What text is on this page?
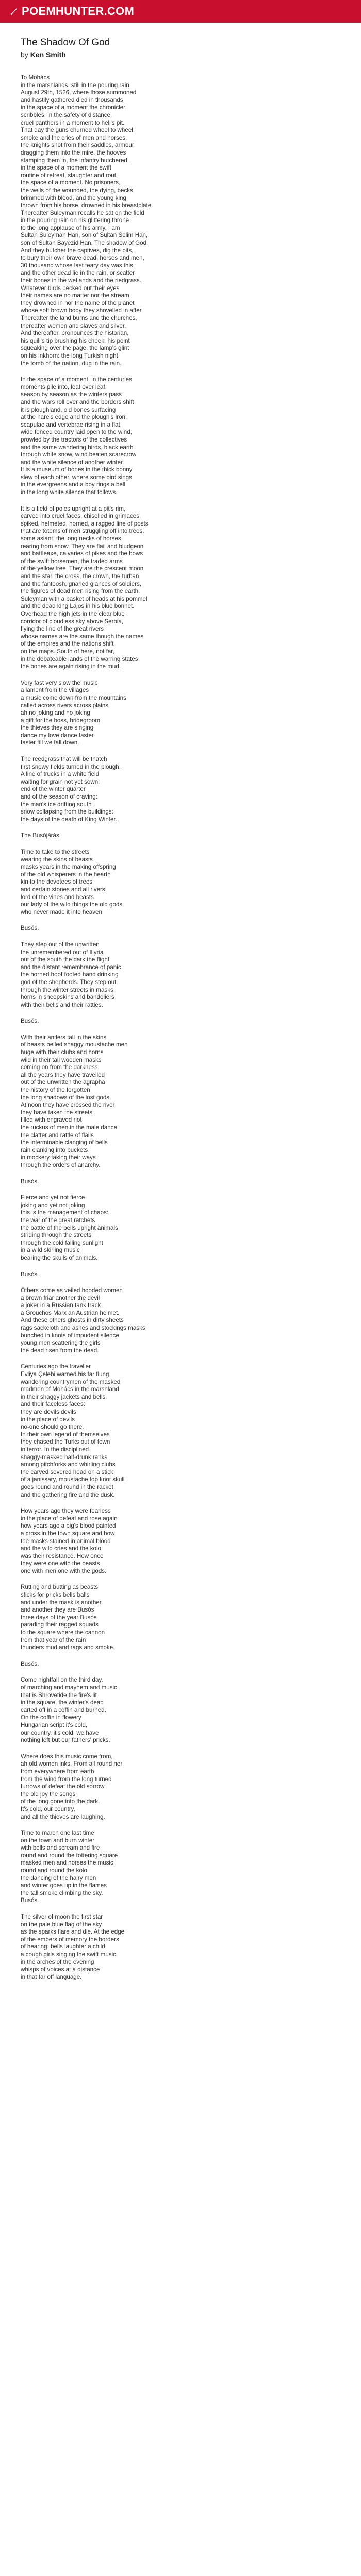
POEMHUNTER.COM
The Shadow Of God
by Ken Smith
To Mohács
in the marshlands, still in the pouring rain,
August 29th, 1526, where those summoned
and hastily gathered died in thousands
in the space of a moment the chronicler
scribbles, in the safety of distance,
cruel panthers in a moment to hell's pit.
That day the guns churned wheel to wheel,
smoke and the cries of men and horses,
the knights shot from their saddles, armour
dragging them into the mire, the hooves
stamping them in, the infantry butchered,
in the space of a moment the swift
routine of retreat, slaughter and rout,
the space of a moment. No prisoners,
the wells of the wounded, the dying, becks
brimmed with blood, and the young king
thrown from his horse, drowned in his breastplate.
Thereafter Suleyman recalls he sat on the field
in the pouring rain on his glittering throne
to the long applause of his army. I am
Sultan Suleyman Han, son of Sultan Selim Han,
son of Sultan Bayezid Han. The shadow of God.
And they butcher the captives, dig the pits,
to bury their own brave dead, horses and men,
30 thousand whose last teary day was this,
and the other dead lie in the rain, or scatter
their bones in the wetlands and the riedgrass.
Whatever birds pecked out their eyes
their names are no matter nor the stream
they drowned in nor the name of the planet
whose soft brown body they shovelled in after.
Thereafter the land burns and the churches,
thereafter women and slaves and silver.
And thereafter, pronounces the historian,
his quill's tip brushing his cheek, his point
squeaking over the page, the lamp's glint
on his inkhorn: the long Turkish night,
the tomb of the nation, dug in the rain.
In the space of a moment, in the centuries
moments pile into, leaf over leaf,
season by season as the winters pass
and the wars roll over and the borders shift
it is ploughland, old bones surfacing
at the hare's edge and the plough's iron,
scapulae and vertebrae rising in a flat
wide fenced country laid open to the wind,
prowled by the tractors of the collectives
and the same wandering birds, black earth
through white snow, wind beaten scarecrow
and the white silence of another winter.
It is a museum of bones in the thick bonny
slew of each other, where some bird sings
in the evergreens and a boy rings a bell
in the long white silence that follows.
It is a field of poles upright at a pit's rim,
carved into cruel faces, chiselled in grimaces,
spiked, helmeted, horned, a ragged line of posts
that are totems of men struggling off into trees,
some aslant, the long necks of horses
rearing from snow. They are flail and bludgeon
and battleaxe, calvaries of pikes and the bows
of the swift horsemen, the traded arms
of the yellow tree. They are the crescent moon
and the star, the cross, the crown, the turban
and the fantoosh, gnarled glances of soldiers,
the figures of dead men rising from the earth.
Suleyman with a basket of heads at his pommel
and the dead king Lajos in his blue bonnet.
Overhead the high jets in the clear blue
corridor of cloudless sky above Serbia,
flying the line of the great rivers
whose names are the same though the names
of the empires and the nations shift
on the maps. South of here, not far,
in the debateable lands of the warring states
the bones are again rising in the mud.
Very fast very slow the music
a lament from the villages
a music come down from the mountains
called across rivers across plains
ah no joking and no joking
a gift for the boss, bridegroom
the thieves they are singing
dance my love dance faster
faster till we fall down.
The reedgrass that will be thatch
first snowy fields turned in the plough.
A line of trucks in a white field
waiting for grain not yet sown:
end of the winter quarter
and of the season of craving:
the man's ice drifting south
snow collapsing from the buildings:
the days of the death of King Winter.
The Busójárás.
Time to take to the streets
wearing the skins of beasts
masks years in the making offspring
of the old whisperers in the hearth
kin to the devotees of trees
and certain stones and all rivers
lord of the vines and beasts
our lady of the wild things the old gods
who never made it into heaven.
Busós.
They step out of the unwritten
the unremembered out of Illyria
out of the south the dark the flight
and the distant remembrance of panic
the horned hoof footed hand drinking
god of the shepherds. They step out
through the winter streets in masks
horns in sheepskins and bandoliers
with their bells and their rattles.
Busós.
With their antlers tall in the skins
of beasts belled shaggy moustache men
huge with their clubs and horns
wild in their tall wooden masks
coming on from the darkness
all the years they have travelled
out of the unwritten the agrapha
the history of the forgotten
the long shadows of the lost gods.
At noon they have crossed the river
they have taken the streets
filled with engraved riot
the ruckus of men in the male dance
the clatter and rattle of flails
the interminable clanging of bells
rain clanking into buckets
in mockery taking their ways
through the orders of anarchy.
Busós.
Fierce and yet not fierce
joking and yet not joking
this is the management of chaos:
the war of the great ratchets
the battle of the bells upright animals
striding through the streets
through the cold falling sunlight
in a wild skirling music
bearing the skulls of animals.
Busós.
Others come as veiled hooded women
a brown friar another the devil
a joker in a Russian tank track
a Grouchos Marx an Austrian helmet.
And these others ghosts in dirty sheets
rags sackcloth and ashes and stockings masks
bunched in knots of impudent silence
young men scattering the girls
the dead risen from the dead.
Centuries ago the traveller
Evliya Çelebi warned his far flung
wandering countrymen of the masked
madmen of Mohács in the marshland
in their shaggy jackets and bells
and their faceless faces:
they are devils devils
in the place of devils
no-one should go there.
In their own legend of themselves
they chased the Turks out of town
in terror. In the disciplined
shaggy-masked half-drunk ranks
among pitchforks and whirling clubs
the carved severed head on a stick
of a janissary, moustache top knot skull
goes round and round in the racket
and the gathering fire and the dusk.
How years ago they were fearless
in the place of defeat and rose again
how years ago a pig's blood painted
a cross in the town square and how
the masks stained in animal blood
and the wild cries and the kolo
was their resistance. How once
they were one with the beasts
one with men one with the gods.
Rutting and butting as beasts
sticks for pricks bells balls
and under the mask is another
and another they are Busós
three days of the year Busós
parading their ragged squads
to the square where the cannon
from that year of the rain
thunders mud and rags and smoke.
Busós.
Come nightfall on the third day,
of marching and mayhem and music
that is Shrovetide the fire's lit
in the square, the winter's dead
carted off in a coffin and burned.
On the coffin in flowery
Hungarian script it's cold,
our country, it's cold, we have
nothing left but our fathers' pricks.
Where does this music come from,
ah old women inks. From all round her
from everywhere from earth
from the wind from the long turned
furrows of defeat the old sorrow
the old joy the songs
of the long gone into the dark.
It's cold, our country,
and all the thieves are laughing.
Time to march one last time
on the town and burn winter
with bells and scream and fire
round and round the tottering square
masked men and horses the music
round and round the kolo
the dancing of the hairy men
and winter goes up in the flames
the tall smoke climbing the sky.
Busós.
The silver of moon the first star
on the pale blue flag of the sky
as the sparks flare and die. At the edge
of the embers of memory the borders
of hearing: bells laughter a child
a cough girls singing the swift music
in the arches of the evening
whisps of voices at a distance
in that far off language.
